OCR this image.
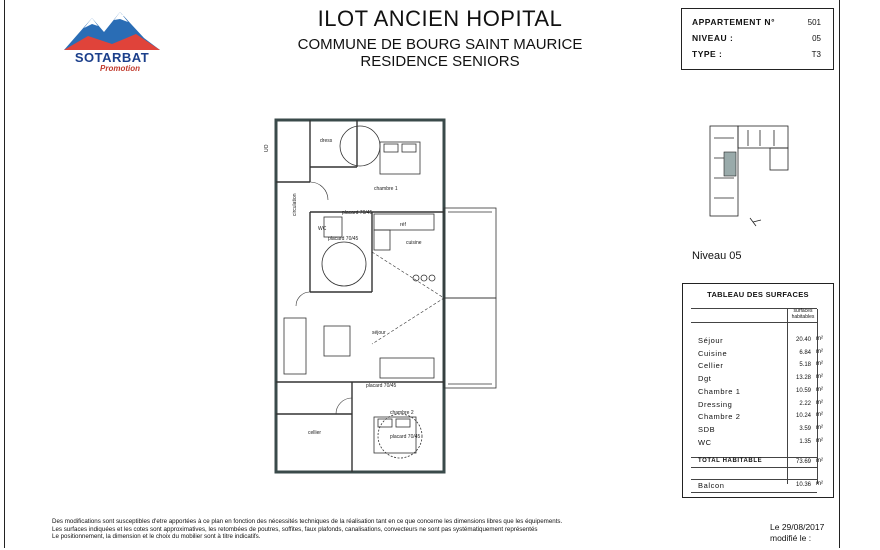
SOTARBAT
Promotion
ILOT ANCIEN HOPITAL
COMMUNE DE BOURG SAINT MAURICE
RESIDENCE SENIORS
APPARTEMENT N°	501
NIVEAU :	05
TYPE :	T3
dress
chambre 1
circulation	placard 70/45
WC
placard 70/45
cuisine
réf
séjour
placard 70/45
cellier
chambre 2
placard 70/45
UO
Niveau 05
TABLEAU DES SURFACES
surfaces
habitables
TOTAL HABITABLE	73.69 m²
Balcon	10.36 m²
Séjour	20.40 m²
Cuisine	6.84 m²
Cellier	5.18 m²
Dgt	13.28 m²
Chambre 1	10.59 m²
Dressing	2.22 m²
Chambre 2	10.24 m²
SDB	3.59 m²
WC	1.35 m²
Des modifications sont susceptibles d'etre apportées à ce plan en fonction des nécessités techniques de la réalisation tant en ce que concerne les dimensions libres que les équipements.
Les surfaces indiquées et les cotes sont approximatives, les retombées de poutres, soffites, faux plafonds, canalisations, convecteurs ne sont pas systématiquement représentés
Le positionnement, la dimension et le choix du mobilier sont à titre indicatifs.
Le 29/08/2017
modifié le :
